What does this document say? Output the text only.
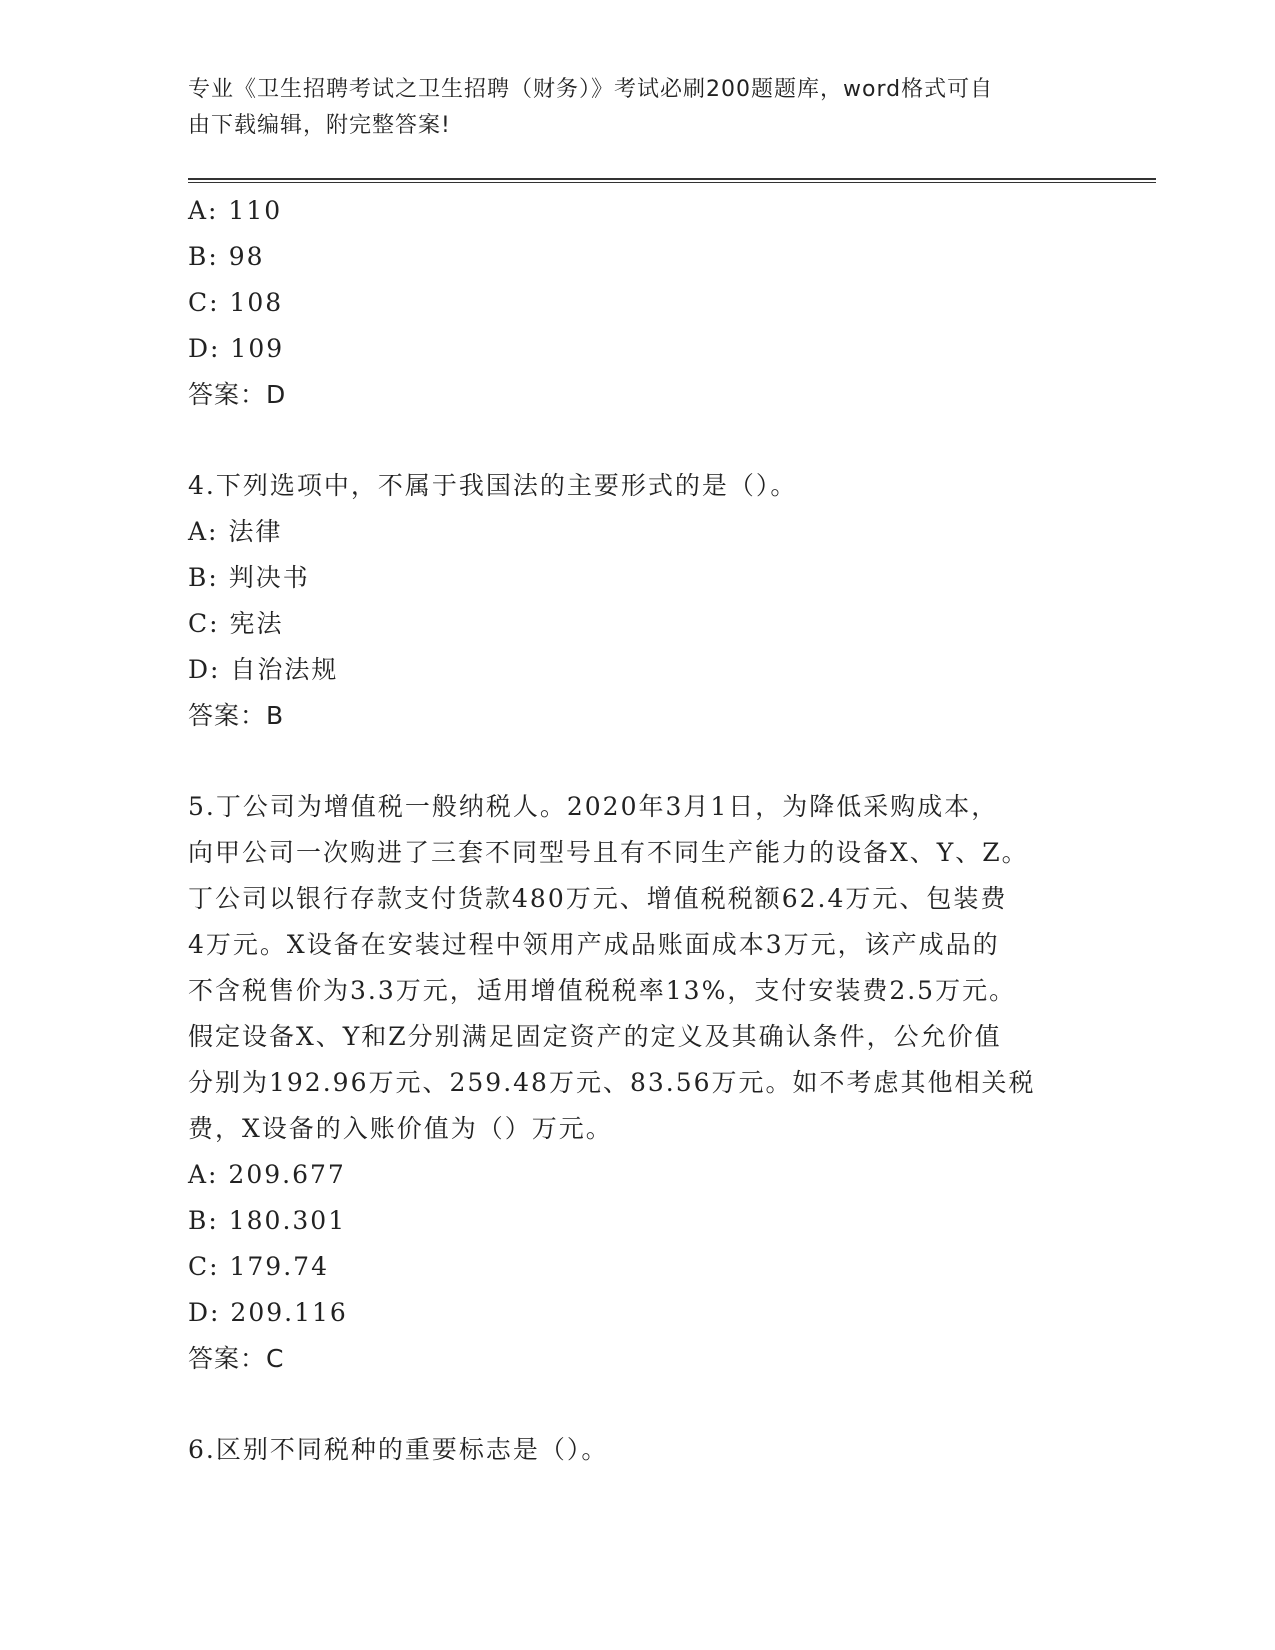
专业《卫生招聘考试之卫生招聘（财务）》考试必刷200题题库，word格式可自
由下载编辑，附完整答案!
A: 110
B: 98
C: 108
D: 109
答案：D
4.下列选项中，不属于我国法的主要形式的是（）。
A: 法律
B: 判决书
C: 宪法
D: 自治法规
答案：B
5.丁公司为增值税一般纳税人。2020年3月1日，为降低采购成本，
向甲公司一次购进了三套不同型号且有不同生产能力的设备X、Y、Z。
丁公司以银行存款支付货款480万元、增值税税额62.4万元、包装费
4万元。X设备在安装过程中领用产成品账面成本3万元，该产成品的
不含税售价为3.3万元，适用增值税税率13%，支付安装费2.5万元。
假定设备X、Y和Z分别满足固定资产的定义及其确认条件，公允价值
分别为192.96万元、259.48万元、83.56万元。如不考虑其他相关税
费，X设备的入账价值为（）万元。
A: 209.677
B: 180.301
C: 179.74
D: 209.116
答案：C
6.区别不同税种的重要标志是（）。
